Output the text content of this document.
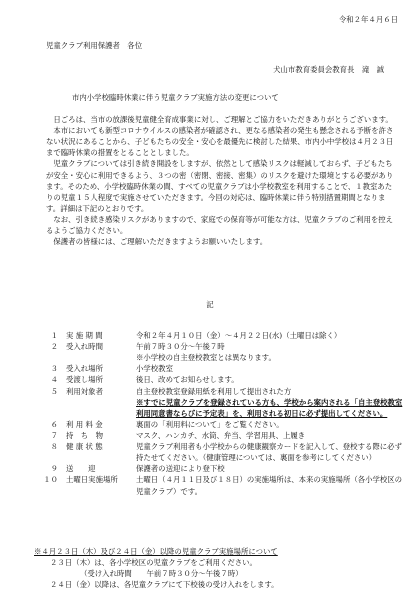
令和２年４月６日
児童クラブ利用保護者　各位
犬山市教育委員会教育長　滝　誠
市内小学校臨時休業に伴う児童クラブ実施方法の変更について

日ごろは、当市の放課後児童健全育成事業に対し、ご理解とご協力をいただきありがとうございます。

本市においても新型コロナウイルスの感染者が確認され、更なる感染者の発生も懸念される予断を許さない状況にあることから、子どもたちの安全・安心を最優先に検討した結果、市内小中学校は４月２３日まで臨時休業の措置をとることとしました。

児童クラブについては引き続き開設をしますが、依然として感染リスクは軽減しておらず、子どもたちが安全・安心に利用できるよう、３つの密（密閉、密接、密集）のリスクを避けた環境とする必要があります。そのため、小学校臨時休業の間、すべての児童クラブは小学校教室を利用することで、１教室あたりの児童１５人程度で実施させていただきます。今回の対応は、臨時休業に伴う特別措置期間となります。詳細は下記のとおりです。

なお、引き続き感染リスクがありますので、家庭での保育等が可能な方は、児童クラブのご利用を控えるようご協力ください。

保護者の皆様には、ご理解いただきますようお願いいたします。

記
１	実 施 期 間	令和２年４月１０日（金）～４月２２日(水)（土曜日は除く）
２	受入れ時間	午前７時３０分～午後７時
※小学校の自主登校教室とは異なります。
３	受入れ場所	小学校教室
４	受渡し場所	後日、改めてお知らせします。
５	利用対象者	自主登校教室登録用紙を利用して提出された方
※すでに児童クラブを登録されている方も、学校から案内される「自主登校教室 利用同意書ならびに予定表」を、利用される初日に必ず提出してください。
６	利 用 料 金	裏面の「利用料について」をご覧ください。
７	持　ち　物	マスク、ハンカチ、水筒、弁当、学習用具、上履き
８	健 康 状 態	児童クラブ利用者も小学校からの健康観察カードを記入して、登校する際に必ず持たせてください。（健康管理については、裏面を参考にしてください）
９	送　　迎	保護者の送迎により登下校
１０	土曜日実施場所	土曜日（４月１１日及び１８日）の実施場所は、本来の実施場所（各小学校区の児童クラブ）です。
※４月２３日（木）及び２４日（金）以降の児童クラブ実施場所について
２３日（木）は、各小学校区の児童クラブをご利用ください。
（受け入れ時間　　午前７時３０分～午後７時）
２４日（金）以降は、各児童クラブにて下校後の受け入れをします。
